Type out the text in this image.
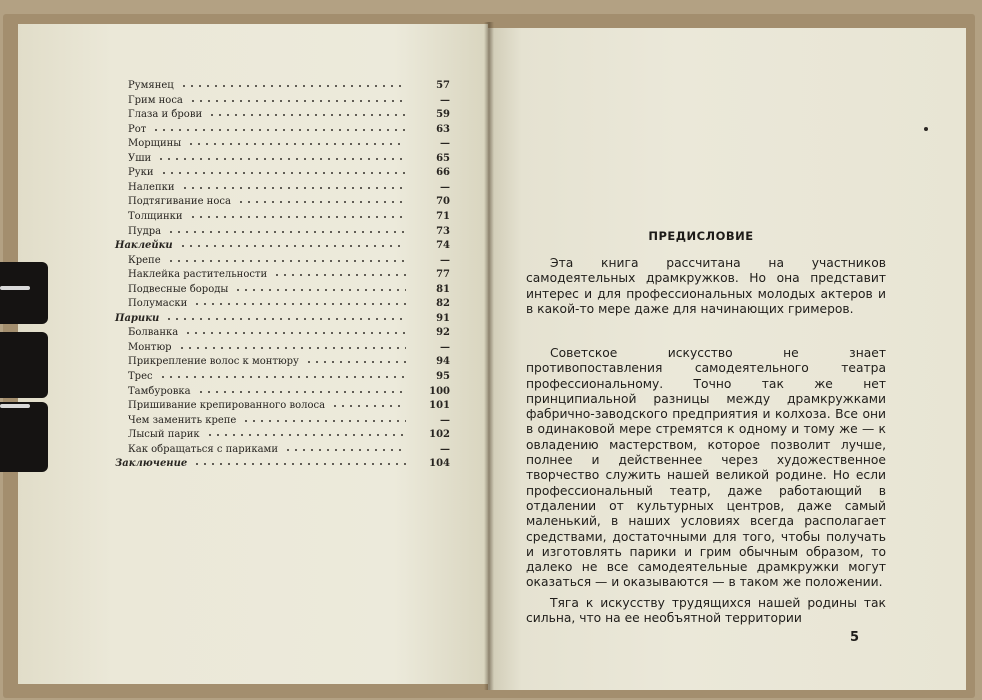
Румянец	57
Грим носа	—
Глаза и брови	59
Рот	63
Морщины	—
Уши	65
Руки	66
Налепки	—
Подтягивание носа	70
Толщинки	71
Пудра	73
Наклейки	74
Крепе	—
Наклейка растительности	77
Подвесные бороды	81
Полумаски	82
Парики	91
Болванка	92
Монтюр	—
Прикрепление волос к монтюру	94
Трес	95
Тамбуровка	100
Пришивание крепированного волоса	101
Чем заменить крепе	—
Лысый парик	102
Как обращаться с париками	—
Заключение	104
ПРЕДИСЛОВИЕ

Эта книга рассчитана на участников самодеятельных драмкружков. Но она представит интерес и для профессиональных молодых актеров и в какой-то мере даже для начинающих гримеров.

Советское искусство не знает противопоставления самодеятельного театра профессиональному. Точно так же нет принципиальной разницы между драмкружками фабрично-заводского предприятия и колхоза. Все они в одинаковой мере стремятся к одному и тому же — к овладению мастерством, которое позволит лучше, полнее и действеннее через художественное творчество служить нашей великой родине. Но если профессиональный театр, даже работающий в отдалении от культурных центров, даже самый маленький, в наших условиях всегда располагает средствами, достаточными для того, чтобы получать и изготовлять парики и грим обычным образом, то далеко не все самодеятельные драмкружки могут оказаться — и оказываются — в таком же положении.

Тяга к искусству трудящихся нашей родины так сильна, что на ее необъятной территории

5
